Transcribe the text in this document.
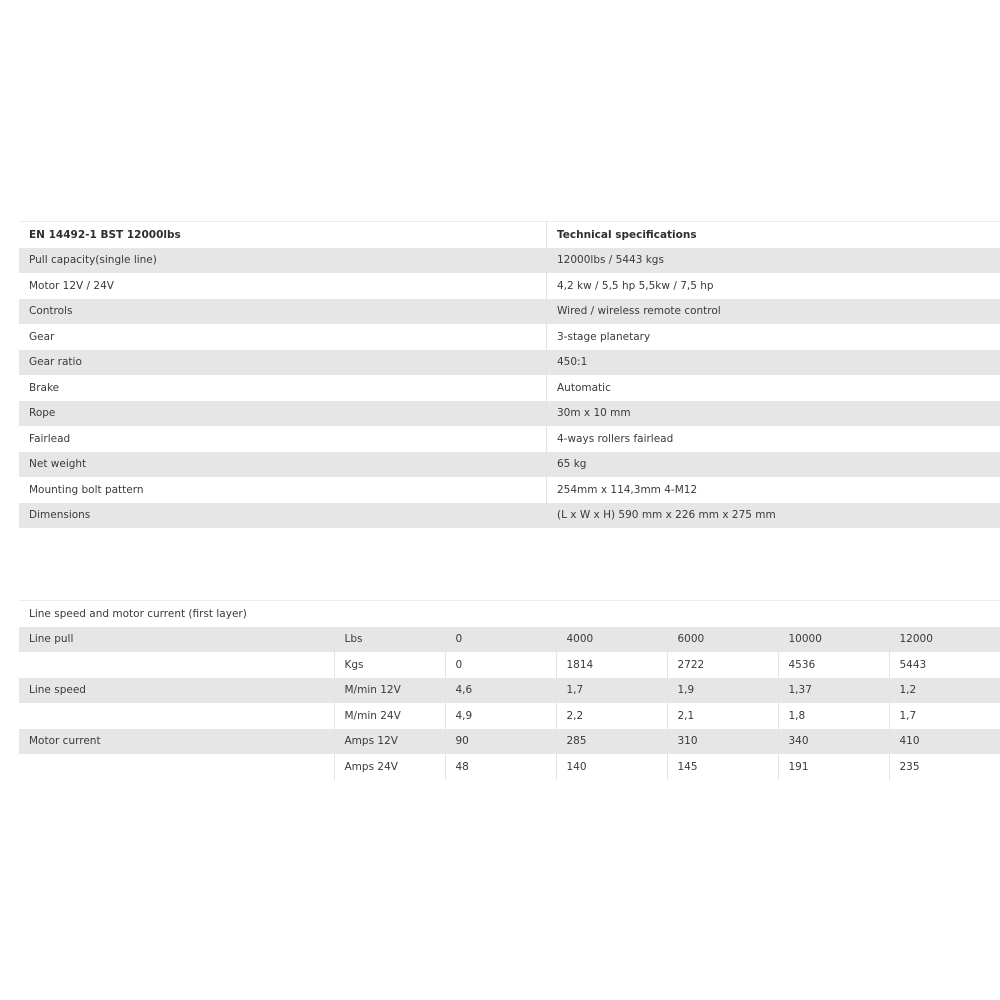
EN 14492-1 BST 12000lbs	Technical specifications
Pull capacity(single line)	12000lbs / 5443 kgs
Motor 12V / 24V	4,2 kw / 5,5 hp 5,5kw / 7,5 hp
Controls	Wired / wireless remote control
Gear	3-stage planetary
Gear ratio	450:1
Brake	Automatic
Rope	30m x 10 mm
Fairlead	4-ways rollers fairlead
Net weight	65 kg
Mounting bolt pattern	254mm x 114,3mm 4-M12
Dimensions	(L x W x H) 590 mm x 226 mm x 275 mm
Line speed and motor current (first layer)						
Line pull	Lbs	0	4000	6000	10000	12000
	Kgs	0	1814	2722	4536	5443
Line speed	M/min 12V	4,6	1,7	1,9	1,37	1,2
	M/min 24V	4,9	2,2	2,1	1,8	1,7
Motor current	Amps 12V	90	285	310	340	410
	Amps 24V	48	140	145	191	235
